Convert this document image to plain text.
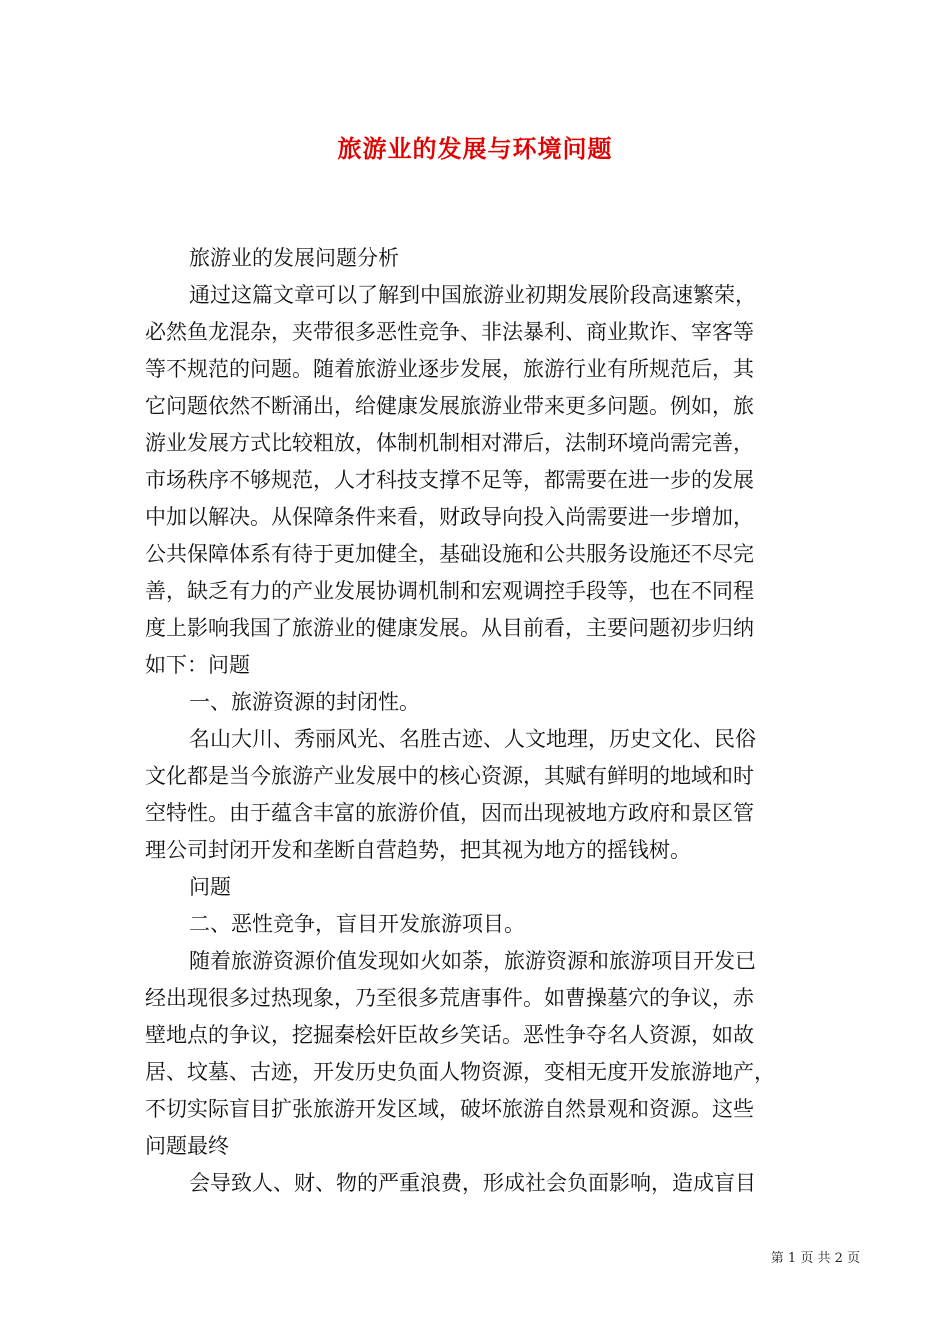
旅游业的发展与环境问题
旅游业的发展问题分析
通过这篇文章可以了解到中国旅游业初期发展阶段高速繁荣，
必然鱼龙混杂，夹带很多恶性竞争、非法暴利、商业欺诈、宰客等
等不规范的问题。随着旅游业逐步发展，旅游行业有所规范后，其
它问题依然不断涌出，给健康发展旅游业带来更多问题。例如，旅
游业发展方式比较粗放，体制机制相对滞后，法制环境尚需完善，
市场秩序不够规范，人才科技支撑不足等，都需要在进一步的发展
中加以解决。从保障条件来看，财政导向投入尚需要进一步增加，
公共保障体系有待于更加健全，基础设施和公共服务设施还不尽完
善，缺乏有力的产业发展协调机制和宏观调控手段等，也在不同程
度上影响我国了旅游业的健康发展。从目前看，主要问题初步归纳
如下：问题
一、旅游资源的封闭性。
名山大川、秀丽风光、名胜古迹、人文地理，历史文化、民俗
文化都是当今旅游产业发展中的核心资源，其赋有鲜明的地域和时
空特性。由于蕴含丰富的旅游价值，因而出现被地方政府和景区管
理公司封闭开发和垄断自营趋势，把其视为地方的摇钱树。
问题
二、恶性竞争，盲目开发旅游项目。
随着旅游资源价值发现如火如荼，旅游资源和旅游项目开发已
经出现很多过热现象，乃至很多荒唐事件。如曹操墓穴的争议，赤
壁地点的争议，挖掘秦桧奸臣故乡笑话。恶性争夺名人资源，如故
居、坟墓、古迹，开发历史负面人物资源，变相无度开发旅游地产，
不切实际盲目扩张旅游开发区域，破坏旅游自然景观和资源。这些
问题最终
会导致人、财、物的严重浪费，形成社会负面影响，造成盲目
第 1 页 共 2 页
